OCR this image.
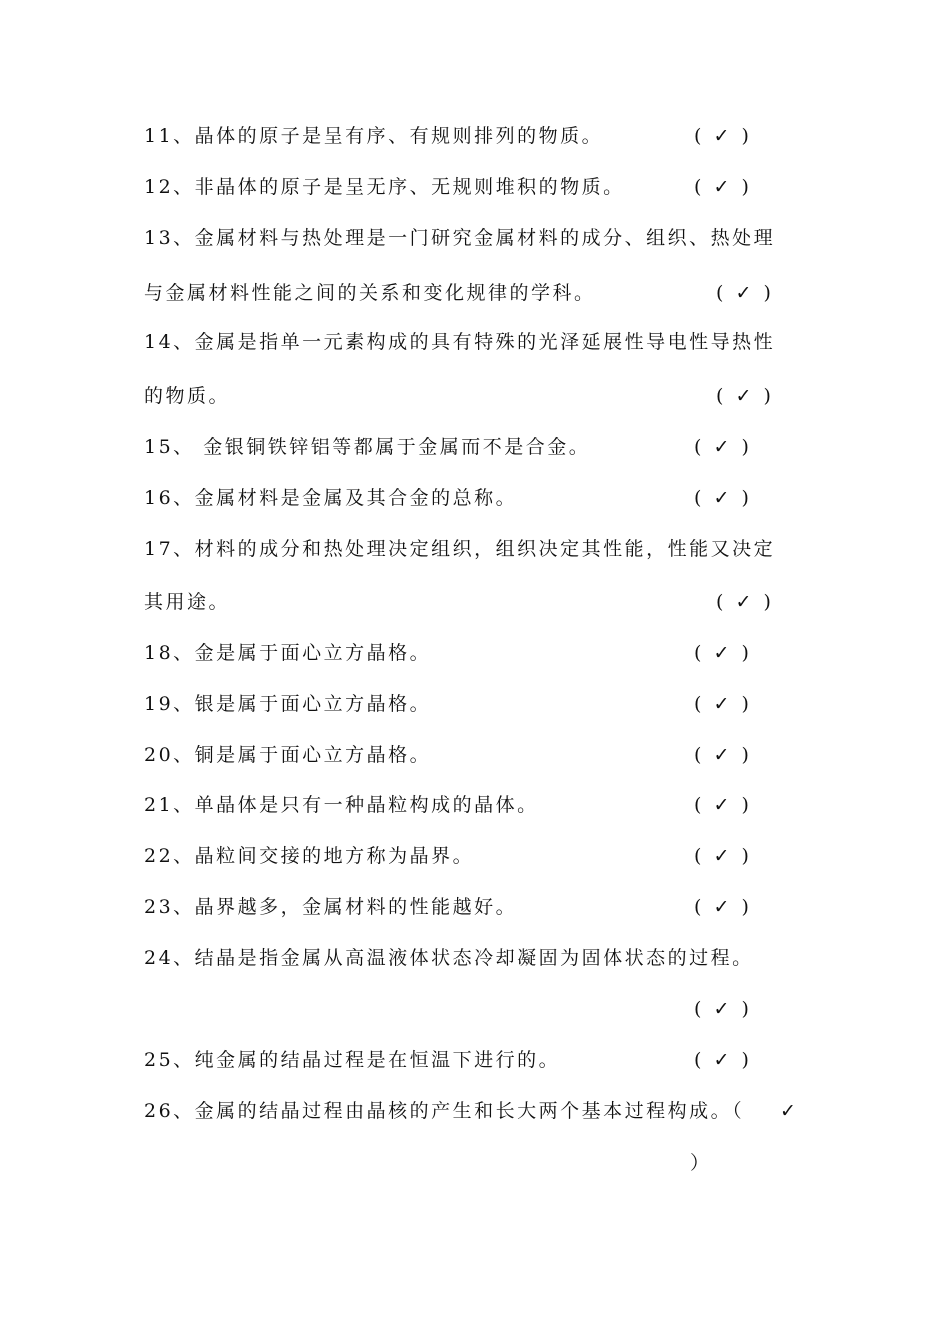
11、晶体的原子是呈有序、有规则排列的物质。	(  ✓  )
12、非晶体的原子是呈无序、无规则堆积的物质。	(  ✓  )
13、金属材料与热处理是一门研究金属材料的成分、组织、热处理
与金属材料性能之间的关系和变化规律的学科。	(  ✓  )
14、金属是指单一元素构成的具有特殊的光泽延展性导电性导热性
的物质。	(  ✓  )
15、 金银铜铁锌铝等都属于金属而不是合金。	(  ✓  )
16、金属材料是金属及其合金的总称。	(  ✓  )
17、材料的成分和热处理决定组织，组织决定其性能，性能又决定
其用途。	(  ✓  )
18、金是属于面心立方晶格。	(  ✓  )
19、银是属于面心立方晶格。	(  ✓  )
20、铜是属于面心立方晶格。	(  ✓  )
21、单晶体是只有一种晶粒构成的晶体。	(  ✓  )
22、晶粒间交接的地方称为晶界。	(  ✓  )
23、晶界越多，金属材料的性能越好。	(  ✓  )
24、结晶是指金属从高温液体状态冷却凝固为固体状态的过程。
(  ✓  )
25、纯金属的结晶过程是在恒温下进行的。	(  ✓  )
26、金属的结晶过程由晶核的产生和长大两个基本过程构成。（ ✓
）
